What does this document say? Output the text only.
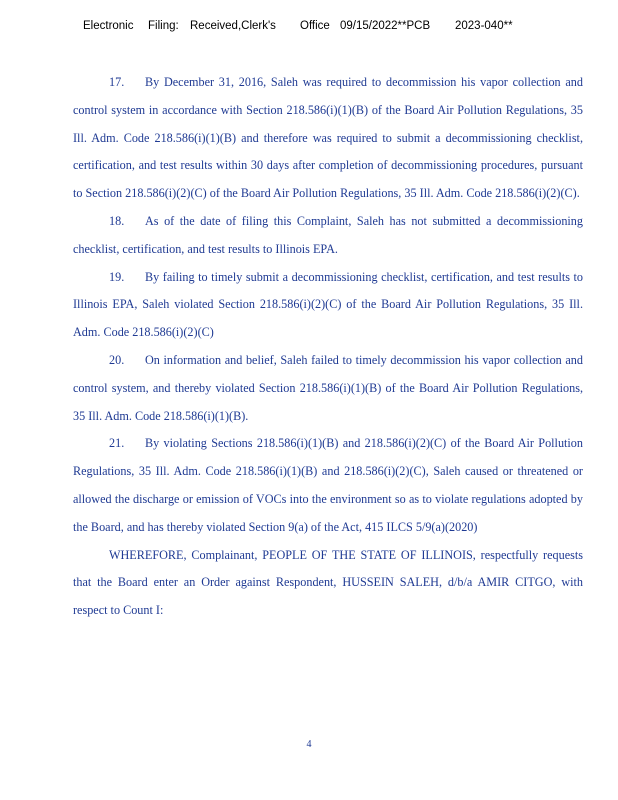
Electronic Filing: Received,Clerk's Office 09/15/2022**PCB 2023-040**

17. By December 31, 2016, Saleh was required to decommission his vapor collection and control system in accordance with Section 218.586(i)(1)(B) of the Board Air Pollution Regulations, 35 Ill. Adm. Code 218.586(i)(1)(B) and therefore was required to submit a decommissioning checklist, certification, and test results within 30 days after completion of decommissioning procedures, pursuant to Section 218.586(i)(2)(C) of the Board Air Pollution Regulations, 35 Ill. Adm. Code 218.586(i)(2)(C).

18. As of the date of filing this Complaint, Saleh has not submitted a decommissioning checklist, certification, and test results to Illinois EPA.

19. By failing to timely submit a decommissioning checklist, certification, and test results to Illinois EPA, Saleh violated Section 218.586(i)(2)(C) of the Board Air Pollution Regulations, 35 Ill. Adm. Code 218.586(i)(2)(C)

20. On information and belief, Saleh failed to timely decommission his vapor collection and control system, and thereby violated Section 218.586(i)(1)(B) of the Board Air Pollution Regulations, 35 Ill. Adm. Code 218.586(i)(1)(B).

21. By violating Sections 218.586(i)(1)(B) and 218.586(i)(2)(C) of the Board Air Pollution Regulations, 35 Ill. Adm. Code 218.586(i)(1)(B) and 218.586(i)(2)(C), Saleh caused or threatened or allowed the discharge or emission of VOCs into the environment so as to violate regulations adopted by the Board, and has thereby violated Section 9(a) of the Act, 415 ILCS 5/9(a)(2020)

WHEREFORE, Complainant, PEOPLE OF THE STATE OF ILLINOIS, respectfully requests that the Board enter an Order against Respondent, HUSSEIN SALEH, d/b/a AMIR CITGO, with respect to Count I:

4
